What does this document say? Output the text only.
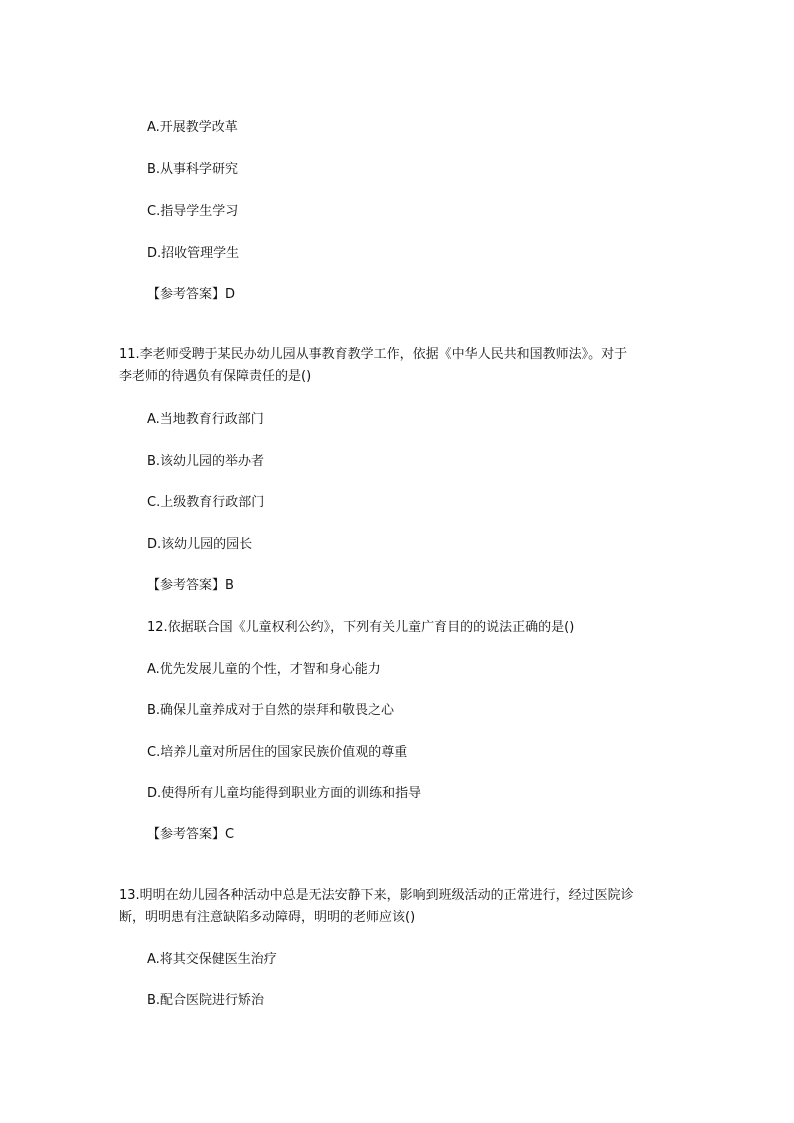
A.开展教学改革
B.从事科学研究
C.指导学生学习
D.招收管理学生
【参考答案】D
11.李老师受聘于某民办幼儿园从事教育教学工作，依据《中华人民共和国教师法》。对于
李老师的待遇负有保障责任的是()
A.当地教育行政部门
B.该幼儿园的举办者
C.上级教育行政部门
D.该幼儿园的园长
【参考答案】B
12.依据联合国《儿童权利公约》，下列有关儿童广育目的的说法正确的是()
A.优先发展儿童的个性，才智和身心能力
B.确保儿童养成对于自然的崇拜和敬畏之心
C.培养儿童对所居住的国家民族价值观的尊重
D.使得所有儿童均能得到职业方面的训练和指导
【参考答案】C
13.明明在幼儿园各种活动中总是无法安静下来，影响到班级活动的正常进行，经过医院诊
断，明明患有注意缺陷多动障碍，明明的老师应该()
A.将其交保健医生治疗
B.配合医院进行矫治
